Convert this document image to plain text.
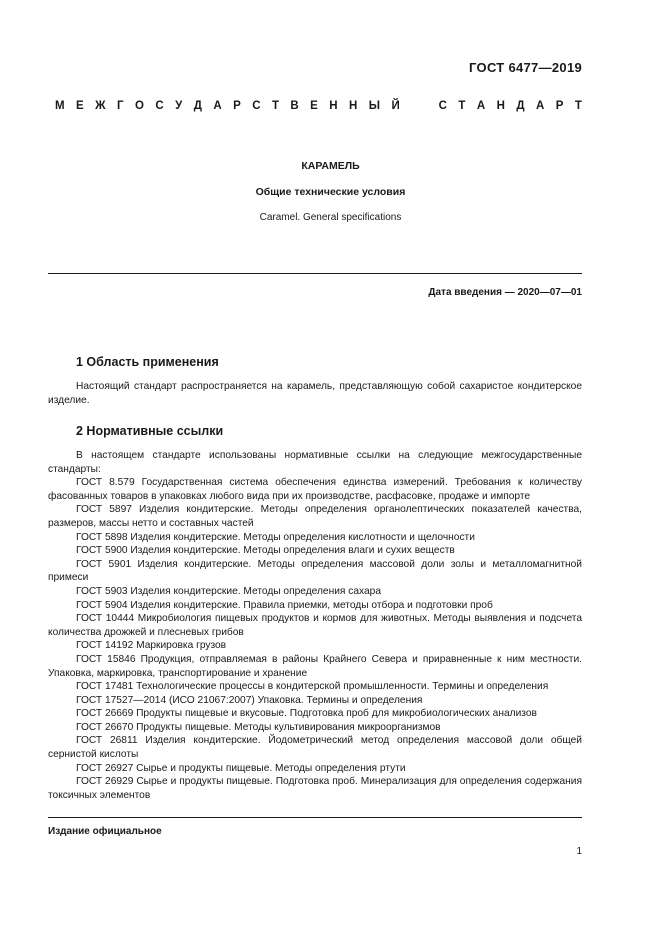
ГОСТ 6477—2019
М Е Ж Г О С У Д А Р С Т В Е Н Н Ы Й	С Т А Н Д А Р Т
КАРАМЕЛЬ
Общие технические условия
Caramel. General specifications
Дата введения — 2020—07—01
1 Область применения

Настоящий стандарт распространяется на карамель, представляющую собой сахаристое кондитерское изделие.

2 Нормативные ссылки

В настоящем стандарте использованы нормативные ссылки на следующие межгосударственные стандарты:

ГОСТ 8.579 Государственная система обеспечения единства измерений. Требования к количеству фасованных товаров в упаковках любого вида при их производстве, расфасовке, продаже и импорте

ГОСТ 5897 Изделия кондитерские. Методы определения органолептических показателей качества, размеров, массы нетто и составных частей

ГОСТ 5898 Изделия кондитерские. Методы определения кислотности и щелочности

ГОСТ 5900 Изделия кондитерские. Методы определения влаги и сухих веществ

ГОСТ 5901 Изделия кондитерские. Методы определения массовой доли золы и металломагнитной примеси

ГОСТ 5903 Изделия кондитерские. Методы определения сахара

ГОСТ 5904 Изделия кондитерские. Правила приемки, методы отбора и подготовки проб

ГОСТ 10444 Микробиология пищевых продуктов и кормов для животных. Методы выявления и подсчета количества дрожжей и плесневых грибов

ГОСТ 14192 Маркировка грузов

ГОСТ 15846 Продукция, отправляемая в районы Крайнего Севера и приравненные к ним местности. Упаковка, маркировка, транспортирование и хранение

ГОСТ 17481 Технологические процессы в кондитерской промышленности. Термины и определения

ГОСТ 17527—2014 (ИСО 21067:2007) Упаковка. Термины и определения

ГОСТ 26669 Продукты пищевые и вкусовые. Подготовка проб для микробиологических анализов

ГОСТ 26670 Продукты пищевые. Методы культивирования микроорганизмов

ГОСТ 26811 Изделия кондитерские. Йодометрический метод определения массовой доли общей сернистой кислоты

ГОСТ 26927 Сырье и продукты пищевые. Методы определения ртути

ГОСТ 26929 Сырье и продукты пищевые. Подготовка проб. Минерализация для определения содержания токсичных элементов

Издание официальное
1
